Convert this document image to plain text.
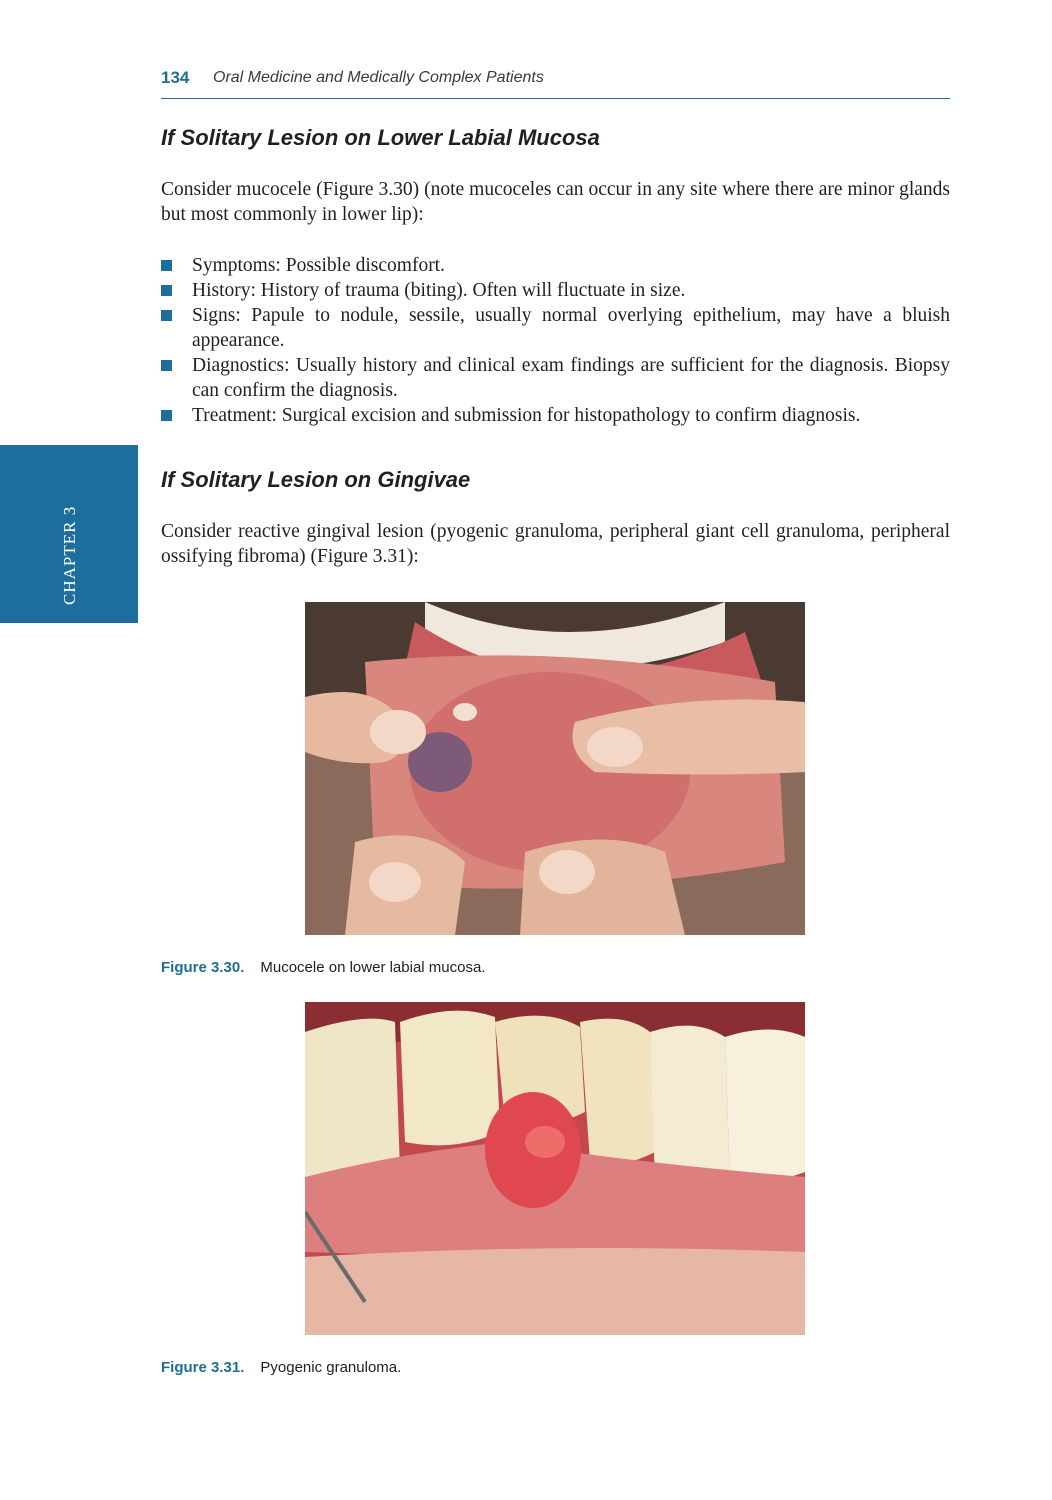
134 Oral Medicine and Medically Complex Patients
CHAPTER 3
If Solitary Lesion on Lower Labial Mucosa

Consider mucocele (Figure 3.30) (note mucoceles can occur in any site where there are minor glands but most commonly in lower lip):

Symptoms: Possible discomfort.
History: History of trauma (biting). Often will fluctuate in size.
Signs: Papule to nodule, sessile, usually normal overlying epithelium, may have a bluish appearance.
Diagnostics: Usually history and clinical exam findings are sufficient for the diagnosis. Biopsy can confirm the diagnosis.
Treatment: Surgical excision and submission for histopathology to confirm diagnosis.
If Solitary Lesion on Gingivae

Consider reactive gingival lesion (pyogenic granuloma, peripheral giant cell granuloma, peripheral ossifying fibroma) (Figure 3.31):

Figure 3.30. Mucocele on lower labial mucosa.
Figure 3.31. Pyogenic granuloma.
